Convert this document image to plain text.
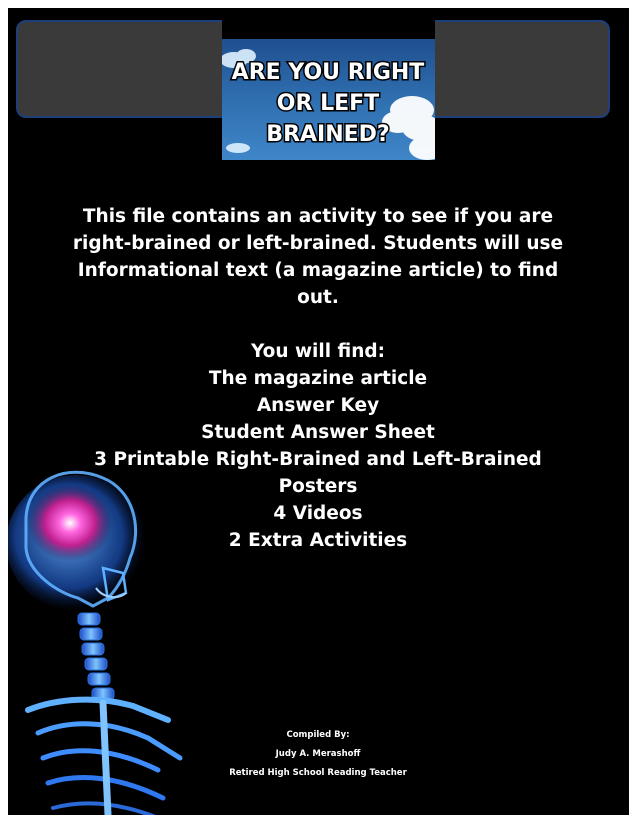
ARE YOU RIGHT
OR LEFT
BRAINED?

This file contains an activity to see if you are right-brained or left-brained. Students will use Informational text (a magazine article) to find out.

You will find:
The magazine article
Answer Key
Student Answer Sheet
3 Printable Right-Brained and Left-Brained Posters
4 Videos
2 Extra Activities
Compiled By:
Judy A. Merashoff
Retired High School Reading Teacher
